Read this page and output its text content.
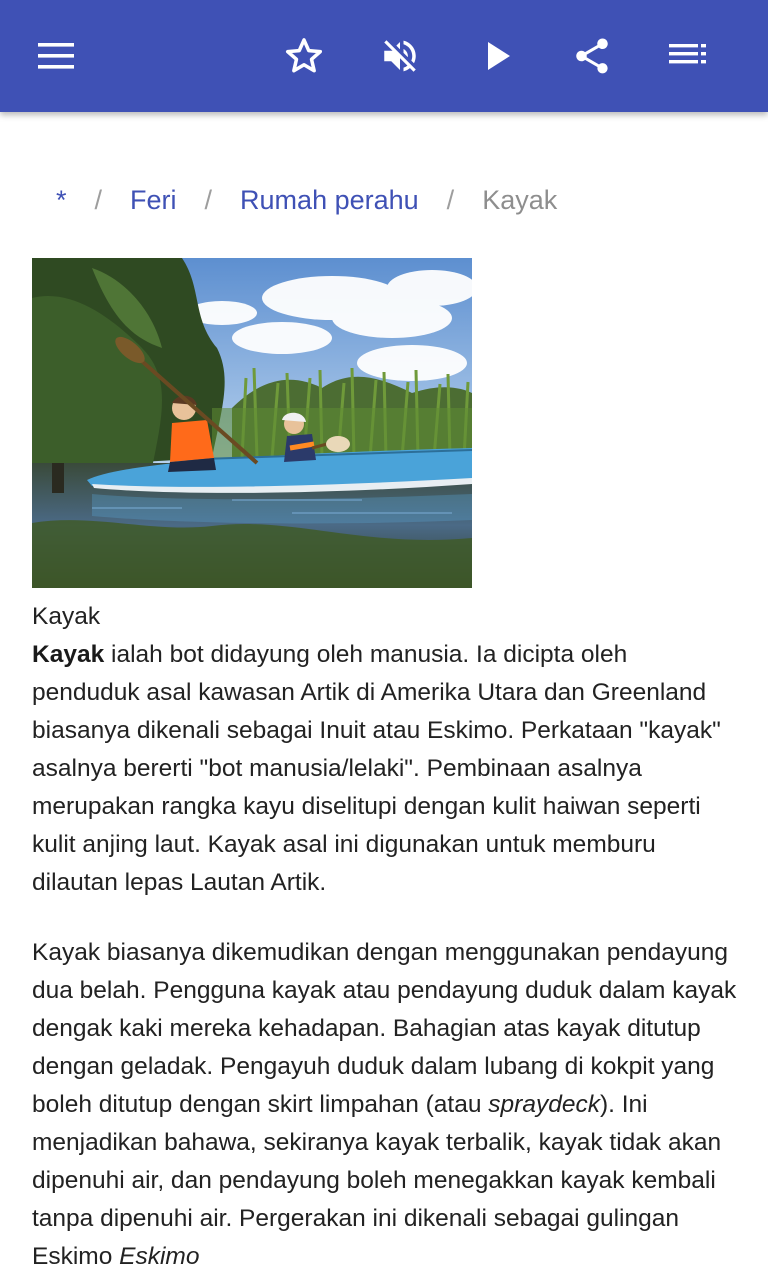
*	/	Feri	/	Rumah perahu	/	Kayak
Kayak

Kayak ialah bot didayung oleh manusia. Ia dicipta oleh penduduk asal kawasan Artik di Amerika Utara dan Greenland biasanya dikenali sebagai Inuit atau Eskimo. Perkataan "kayak" asalnya bererti "bot manusia/lelaki". Pembinaan asalnya merupakan rangka kayu diselitupi dengan kulit haiwan seperti kulit anjing laut. Kayak asal ini digunakan untuk memburu dilautan lepas Lautan Artik.

Kayak biasanya dikemudikan dengan menggunakan pendayung dua belah. Pengguna kayak atau pendayung duduk dalam kayak dengak kaki mereka kehadapan. Bahagian atas kayak ditutup dengan geladak. Pengayuh duduk dalam lubang di kokpit yang boleh ditutup dengan skirt limpahan (atau spraydeck). Ini menjadikan bahawa, sekiranya kayak terbalik, kayak tidak akan dipenuhi air, dan pendayung boleh menegakkan kayak kembali tanpa dipenuhi air. Pergerakan ini dikenali sebagai gulingan Eskimo Eskimo
